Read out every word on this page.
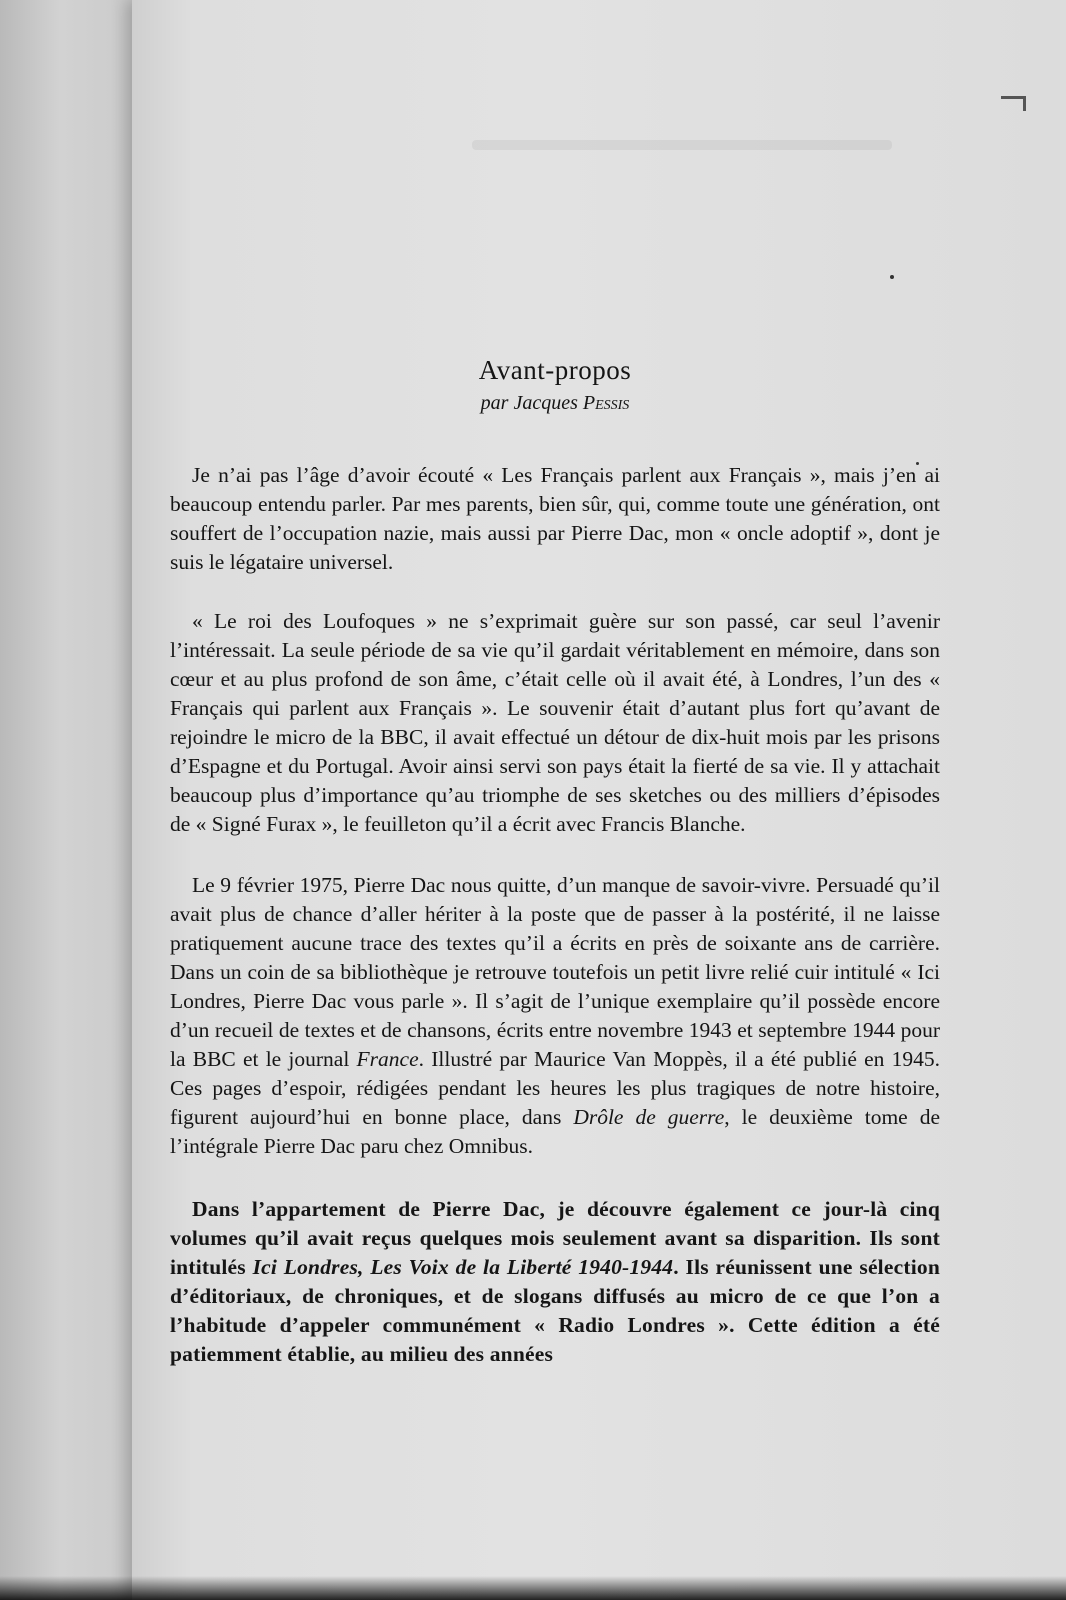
Avant-propos
par Jacques Pessis

Je n’ai pas l’âge d’avoir écouté « Les Français parlent aux Français », mais j’en ai beaucoup entendu parler. Par mes parents, bien sûr, qui, comme toute une génération, ont souffert de l’occupation nazie, mais aussi par Pierre Dac, mon « oncle adoptif », dont je suis le légataire universel.

« Le roi des Loufoques » ne s’exprimait guère sur son passé, car seul l’avenir l’intéressait. La seule période de sa vie qu’il gardait véritablement en mémoire, dans son cœur et au plus profond de son âme, c’était celle où il avait été, à Londres, l’un des « Français qui parlent aux Français ». Le souvenir était d’autant plus fort qu’avant de rejoindre le micro de la BBC, il avait effectué un détour de dix-huit mois par les prisons d’Espagne et du Portugal. Avoir ainsi servi son pays était la fierté de sa vie. Il y attachait beaucoup plus d’importance qu’au triomphe de ses sketches ou des milliers d’épisodes de « Signé Furax », le feuilleton qu’il a écrit avec Francis Blanche.

Le 9 février 1975, Pierre Dac nous quitte, d’un manque de savoir-vivre. Persuadé qu’il avait plus de chance d’aller hériter à la poste que de passer à la postérité, il ne laisse pratiquement aucune trace des textes qu’il a écrits en près de soixante ans de carrière. Dans un coin de sa bibliothèque je retrouve toutefois un petit livre relié cuir intitulé « Ici Londres, Pierre Dac vous parle ». Il s’agit de l’unique exemplaire qu’il possède encore d’un recueil de textes et de chansons, écrits entre novembre 1943 et septembre 1944 pour la BBC et le journal France. Illustré par Maurice Van Moppès, il a été publié en 1945. Ces pages d’espoir, rédigées pendant les heures les plus tragiques de notre histoire, figurent aujourd’hui en bonne place, dans Drôle de guerre, le deuxième tome de l’intégrale Pierre Dac paru chez Omnibus.

Dans l’appartement de Pierre Dac, je découvre également ce jour-là cinq volumes qu’il avait reçus quelques mois seulement avant sa disparition. Ils sont intitulés Ici Londres, Les Voix de la Liberté 1940-1944. Ils réunissent une sélection d’éditoriaux, de chroniques, et de slogans diffusés au micro de ce que l’on a l’habitude d’appeler communément « Radio Londres ». Cette édition a été patiemment établie, au milieu des années
